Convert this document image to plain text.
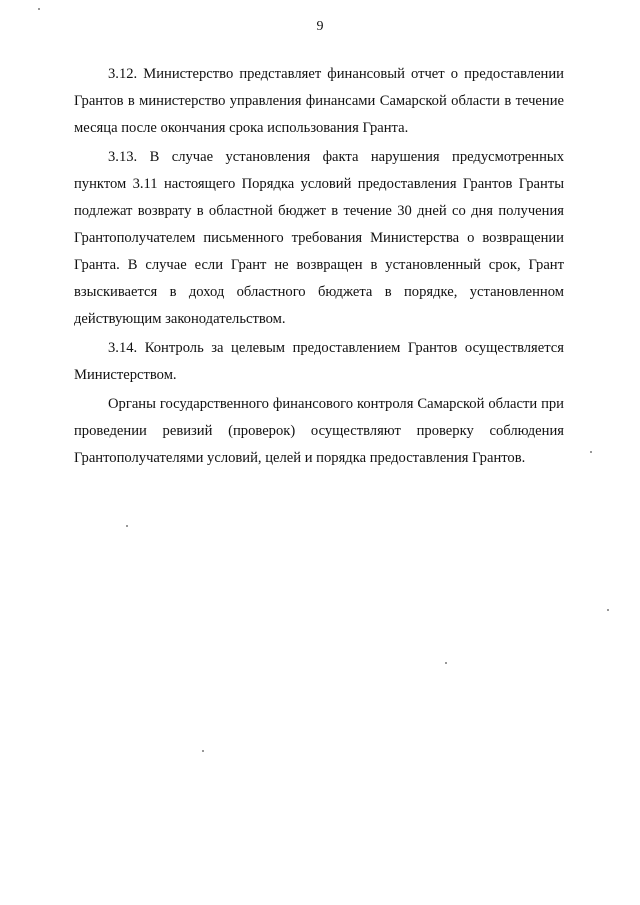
9

3.12. Министерство представляет финансовый отчет о предоставлении Грантов в министерство управления финансами Самарской области в течение месяца после окончания срока использования Гранта.

3.13. В случае установления факта нарушения предусмотренных пунктом 3.11 настоящего Порядка условий предоставления Грантов Гранты подлежат возврату в областной бюджет в течение 30 дней со дня получения Грантополучателем письменного требования Министерства о возвращении Гранта. В случае если Грант не возвращен в установленный срок, Грант взыскивается в доход областного бюджета в порядке, установленном действующим законодательством.

3.14. Контроль за целевым предоставлением Грантов осуществляется Министерством.

Органы государственного финансового контроля Самарской области при проведении ревизий (проверок) осуществляют проверку соблюдения Грантополучателями условий, целей и порядка предоставления Грантов.
